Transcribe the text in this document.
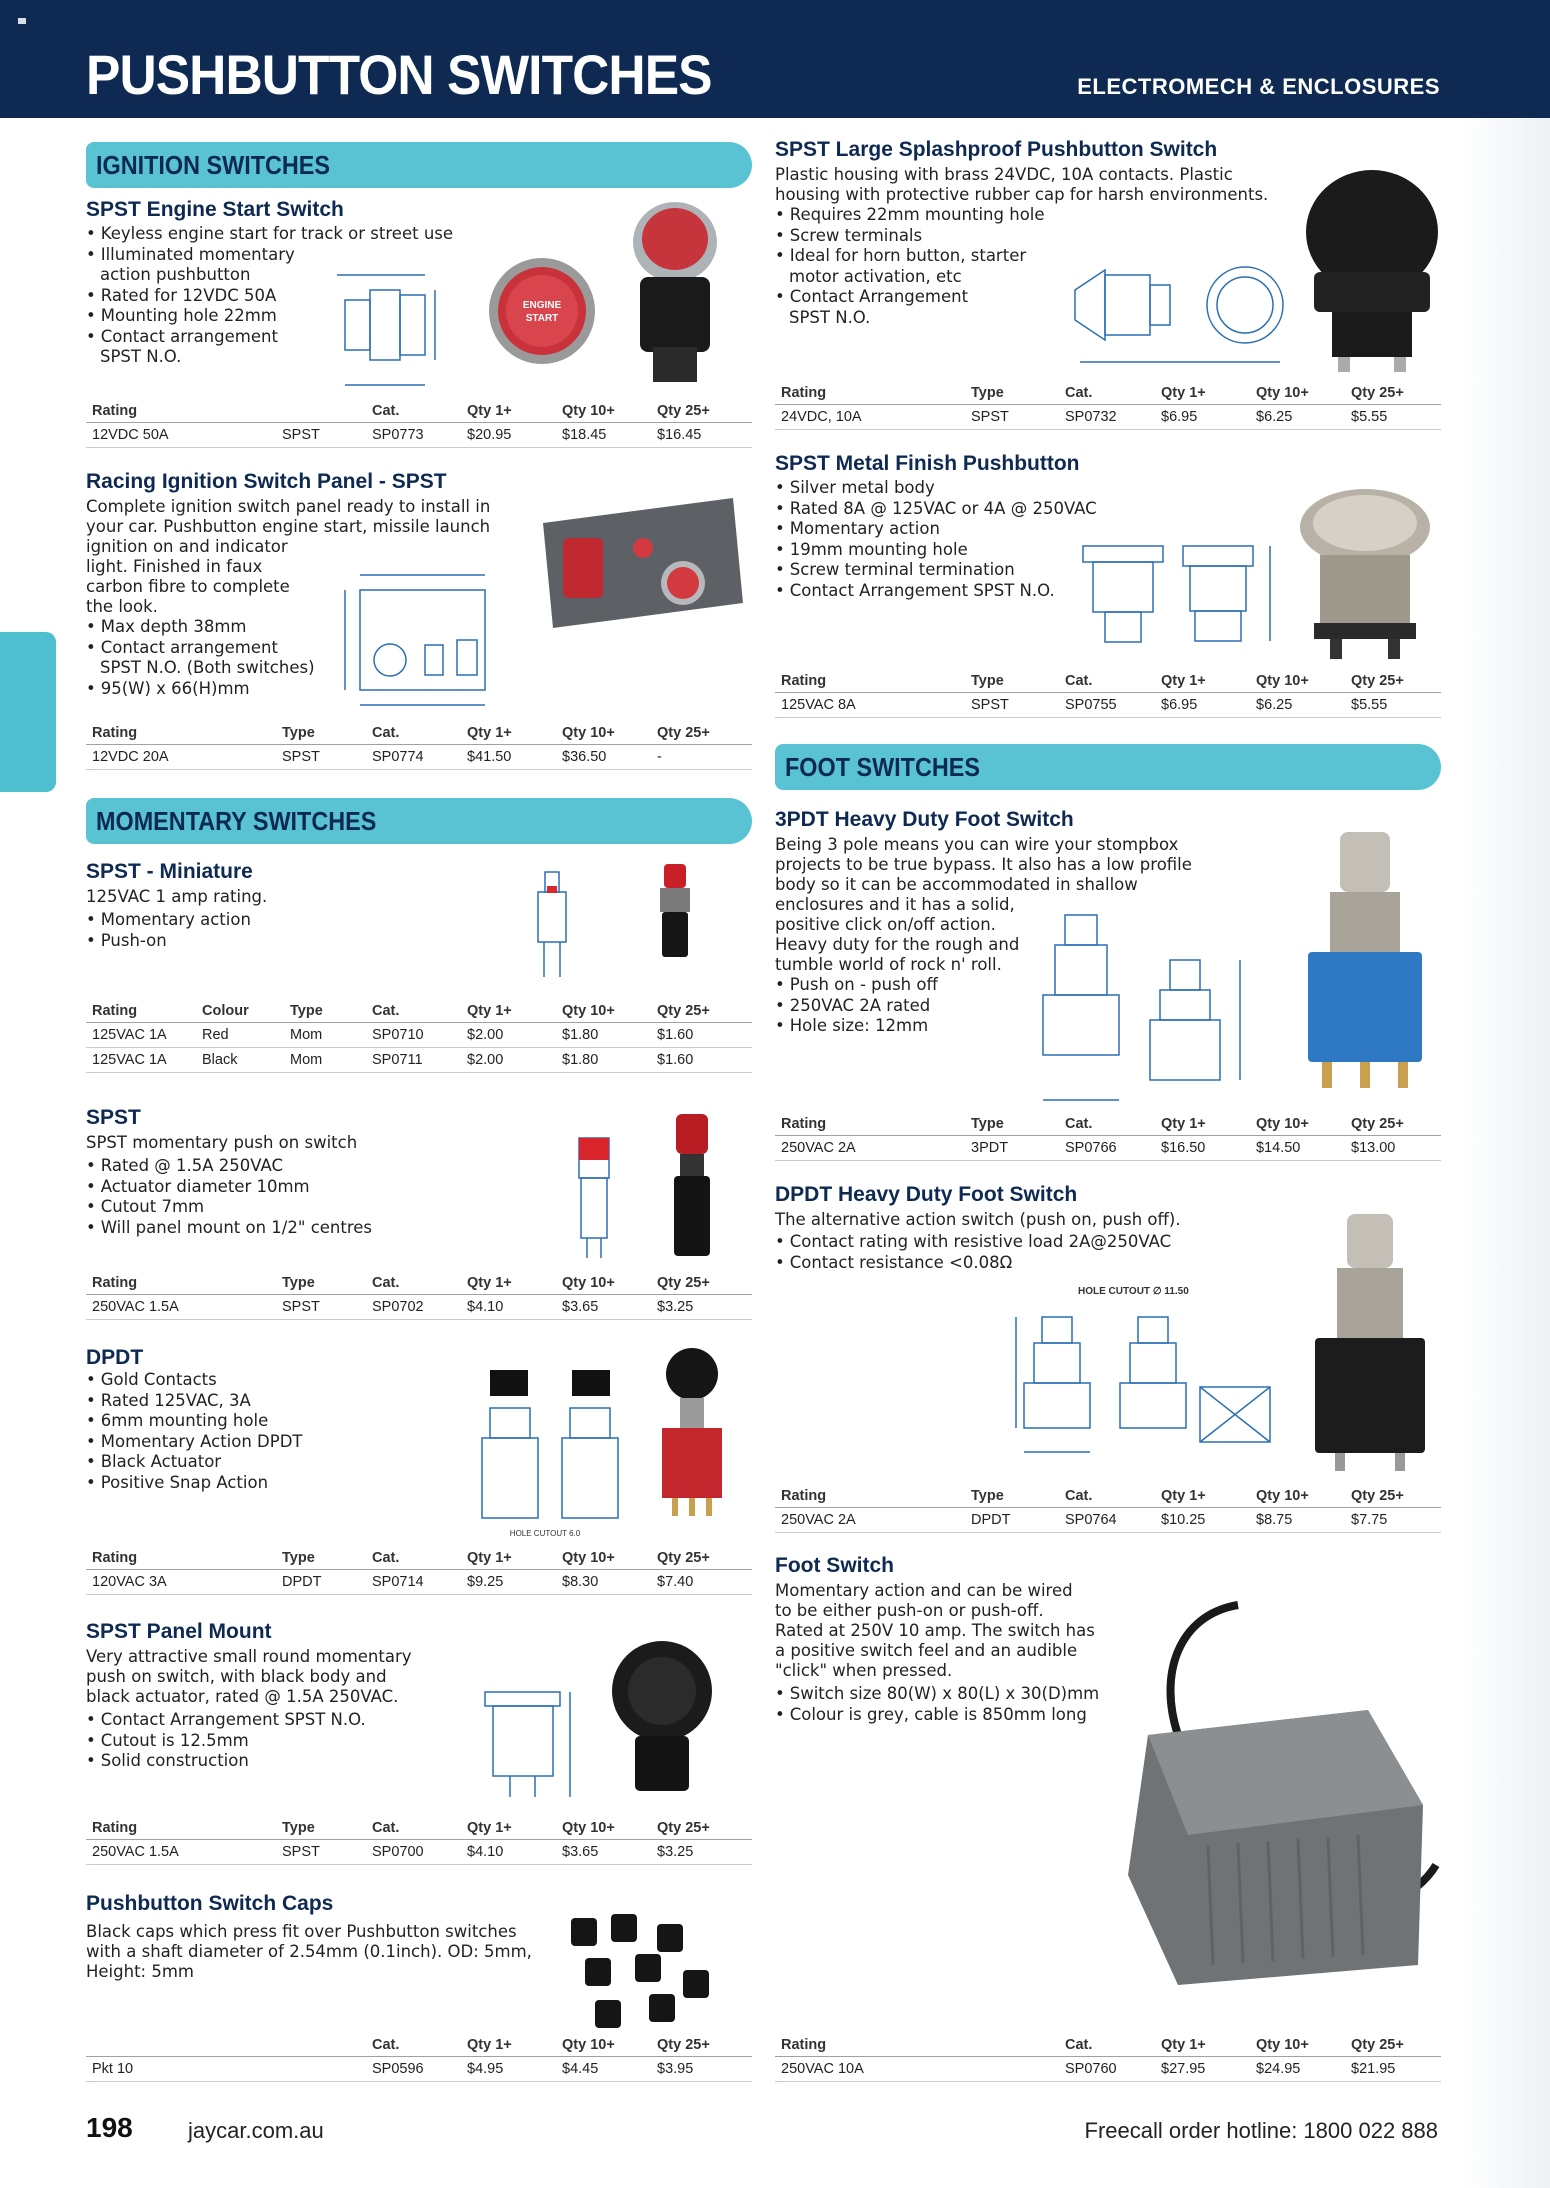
PUSHBUTTON SWITCHES	ELECTROMECH & ENCLOSURES
IGNITION SWITCHES
SPST Engine Start Switch
• Keyless engine start for track or street use
• Illuminated momentary
action pushbutton
• Rated for 12VDC 50A
• Mounting hole 22mm
• Contact arrangement
SPST N.O.
ENGINE
START
Rating		Cat.	Qty 1+	Qty 10+	Qty 25+
12VDC 50A	SPST	SP0773	$20.95	$18.45	$16.45
Racing Ignition Switch Panel - SPST
Complete ignition switch panel ready to install in
your car. Pushbutton engine start, missile launch
ignition on and indicator
light. Finished in faux
carbon fibre to complete
the look.
• Max depth 38mm
• Contact arrangement
SPST N.O. (Both switches)
• 95(W) x 66(H)mm
Rating	Type	Cat.	Qty 1+	Qty 10+	Qty 25+
12VDC 20A	SPST	SP0774	$41.50	$36.50	-
MOMENTARY SWITCHES
SPST - Miniature
125VAC 1 amp rating.
• Momentary action
• Push-on
Rating	Colour	Type	Cat.	Qty 1+	Qty 10+	Qty 25+
125VAC 1A	Red	Mom	SP0710	$2.00	$1.80	$1.60
125VAC 1A	Black	Mom	SP0711	$2.00	$1.80	$1.60
SPST
SPST momentary push on switch
• Rated @ 1.5A 250VAC
• Actuator diameter 10mm
• Cutout 7mm
• Will panel mount on 1/2" centres
Rating	Type	Cat.	Qty 1+	Qty 10+	Qty 25+
250VAC 1.5A	SPST	SP0702	$4.10	$3.65	$3.25
DPDT
• Gold Contacts
• Rated 125VAC, 3A
• 6mm mounting hole
• Momentary Action DPDT
• Black Actuator
• Positive Snap Action
HOLE CUTOUT 6.0
Rating	Type	Cat.	Qty 1+	Qty 10+	Qty 25+
120VAC 3A	DPDT	SP0714	$9.25	$8.30	$7.40
SPST Panel Mount
Very attractive small round momentary
push on switch, with black body and
black actuator, rated @ 1.5A 250VAC.
• Contact Arrangement SPST N.O.
• Cutout is 12.5mm
• Solid construction
Rating	Type	Cat.	Qty 1+	Qty 10+	Qty 25+
250VAC 1.5A	SPST	SP0700	$4.10	$3.65	$3.25
Pushbutton Switch Caps
Black caps which press fit over Pushbutton switches
with a shaft diameter of 2.54mm (0.1inch). OD: 5mm,
Height: 5mm
		Cat.	Qty 1+	Qty 10+	Qty 25+
Pkt 10		SP0596	$4.95	$4.45	$3.95
SPST Large Splashproof Pushbutton Switch
Plastic housing with brass 24VDC, 10A contacts. Plastic
housing with protective rubber cap for harsh environments.
• Requires 22mm mounting hole
• Screw terminals
• Ideal for horn button, starter
motor activation, etc
• Contact Arrangement
SPST N.O.
Rating	Type	Cat.	Qty 1+	Qty 10+	Qty 25+
24VDC, 10A	SPST	SP0732	$6.95	$6.25	$5.55
SPST Metal Finish Pushbutton
• Silver metal body
• Rated 8A @ 125VAC or 4A @ 250VAC
• Momentary action
• 19mm mounting hole
• Screw terminal termination
• Contact Arrangement SPST N.O.
Rating	Type	Cat.	Qty 1+	Qty 10+	Qty 25+
125VAC 8A	SPST	SP0755	$6.95	$6.25	$5.55
FOOT SWITCHES
3PDT Heavy Duty Foot Switch
Being 3 pole means you can wire your stompbox
projects to be true bypass. It also has a low profile
body so it can be accommodated in shallow
enclosures and it has a solid,
positive click on/off action.
Heavy duty for the rough and
tumble world of rock n' roll.
• Push on - push off
• 250VAC 2A rated
• Hole size: 12mm
Rating	Type	Cat.	Qty 1+	Qty 10+	Qty 25+
250VAC 2A	3PDT	SP0766	$16.50	$14.50	$13.00
DPDT Heavy Duty Foot Switch
The alternative action switch (push on, push off).
• Contact rating with resistive load 2A@250VAC
• Contact resistance <0.08Ω
HOLE CUTOUT ∅ 11.50
Rating	Type	Cat.	Qty 1+	Qty 10+	Qty 25+
250VAC 2A	DPDT	SP0764	$10.25	$8.75	$7.75
Foot Switch
Momentary action and can be wired
to be either push-on or push-off.
Rated at 250V 10 amp. The switch has
a positive switch feel and an audible
"click" when pressed.
• Switch size 80(W) x 80(L) x 30(D)mm
• Colour is grey, cable is 850mm long
Rating		Cat.	Qty 1+	Qty 10+	Qty 25+
250VAC 10A		SP0760	$27.95	$24.95	$21.95
198	jaycar.com.au	Freecall order hotline: 1800 022 888
